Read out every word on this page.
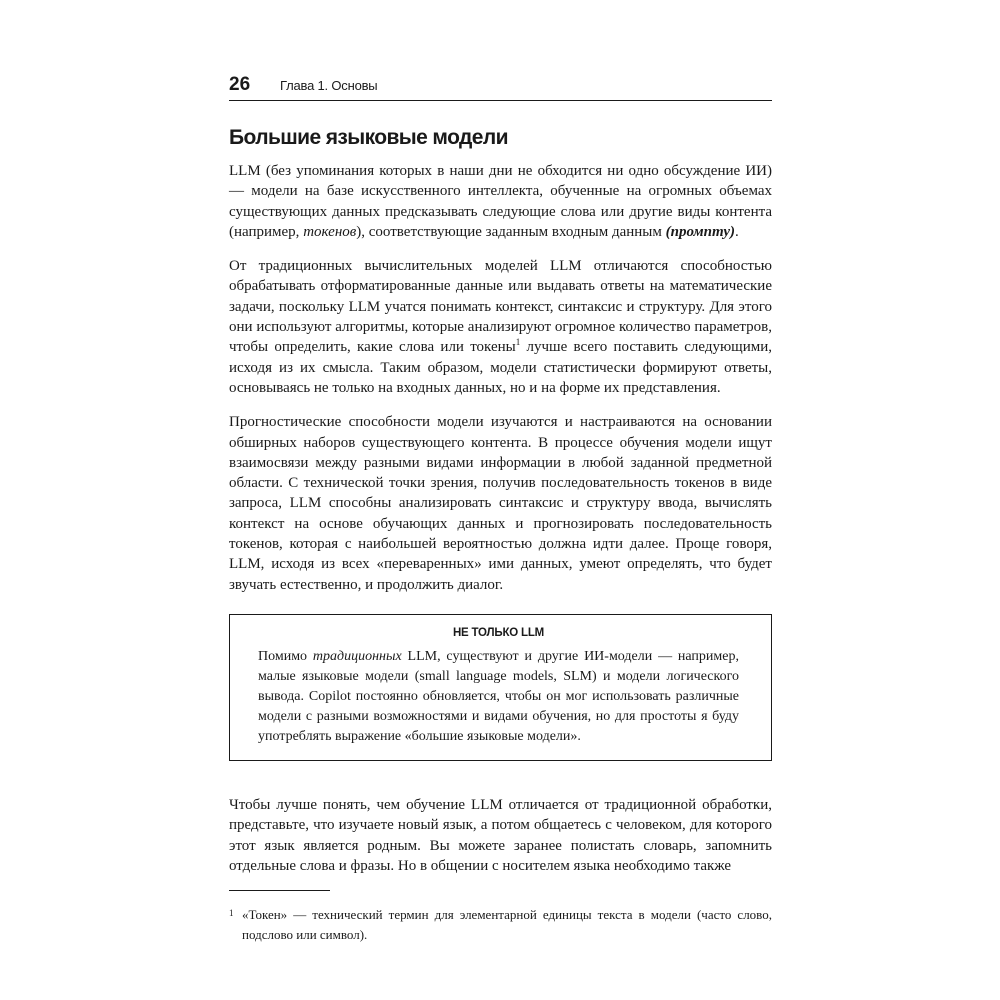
26 Глава 1. Основы
Большие языковые модели

LLM (без упоминания которых в наши дни не обходится ни одно обсуждение ИИ) — модели на базе искусственного интеллекта, обученные на огромных объемах существующих данных предсказывать следующие слова или другие виды контента (например, токенов), соответствующие заданным входным данным (промпту).

От традиционных вычислительных моделей LLM отличаются способностью обрабатывать отформатированные данные или выдавать ответы на математические задачи, поскольку LLM учатся понимать контекст, синтаксис и структуру. Для этого они используют алгоритмы, которые анализируют огромное количество параметров, чтобы определить, какие слова или токены$^1$ лучше всего поставить следующими, исходя из их смысла. Таким образом, модели статистически формируют ответы, основываясь не только на входных данных, но и на форме их представления.

Прогностические способности модели изучаются и настраиваются на основании обширных наборов существующего контента. В процессе обучения модели ищут взаимосвязи между разными видами информации в любой заданной предметной области. С технической точки зрения, получив последовательность токенов в виде запроса, LLM способны анализировать синтаксис и структуру ввода, вычислять контекст на основе обучающих данных и прогнозировать последовательность токенов, которая с наибольшей вероятностью должна идти далее. Проще говоря, LLM, исходя из всех «переваренных» ими данных, умеют определять, что будет звучать естественно, и продолжить диалог.

НЕ ТОЛЬКО LLM

Помимо традиционных LLM, существуют и другие ИИ-модели — например, малые языковые модели (small language models, SLM) и модели логического вывода. Copilot постоянно обновляется, чтобы он мог использовать различные модели с разными возможностями и видами обучения, но для простоты я буду употреблять выражение «большие языковые модели».

Чтобы лучше понять, чем обучение LLM отличается от традиционной обработки, представьте, что изучаете новый язык, а потом общаетесь с человеком, для которого этот язык является родным. Вы можете заранее полистать словарь, запомнить отдельные слова и фразы. Но в общении с носителем языка необходимо также

1 «Токен» — технический термин для элементарной единицы текста в модели (часто слово, подслово или символ).
